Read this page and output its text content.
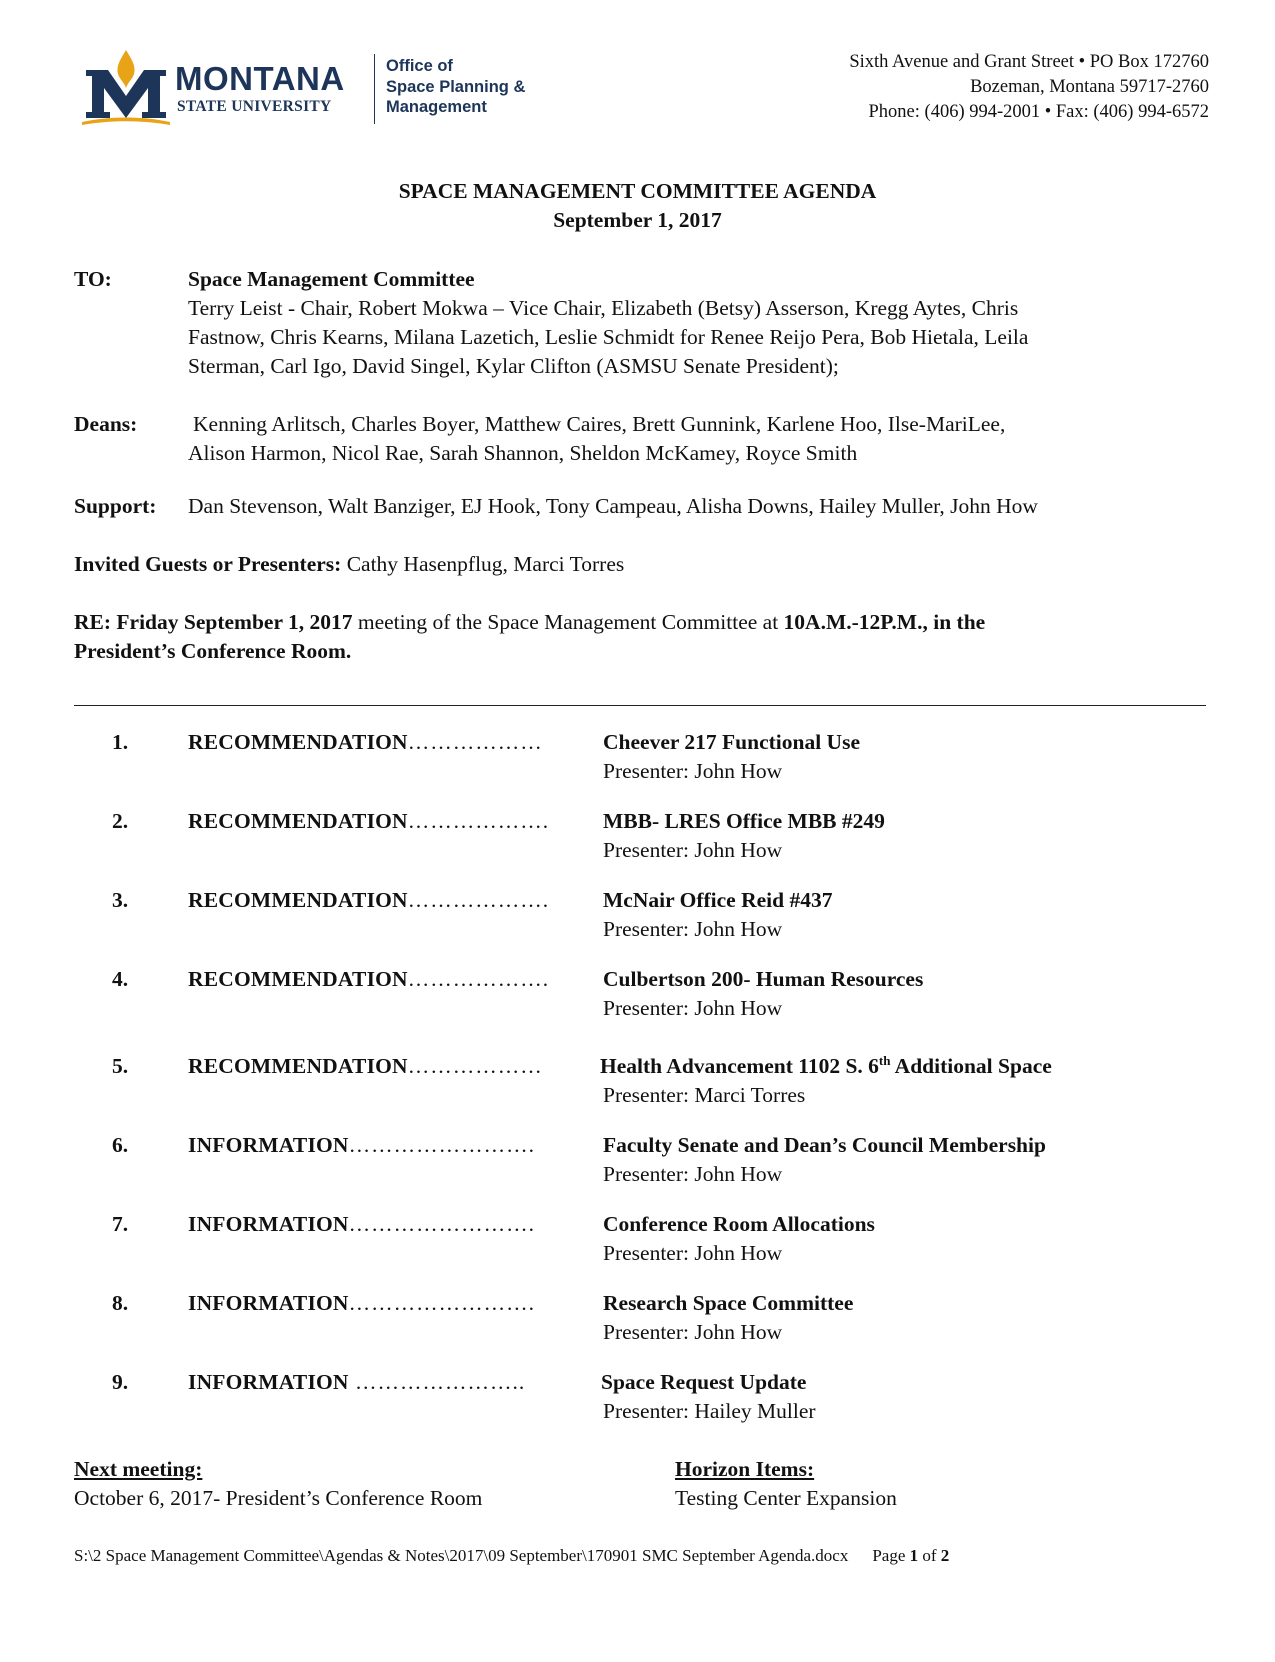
MONTANA
STATE UNIVERSITY
Office of
Space Planning &
Management
Sixth Avenue and Grant Street • PO Box 172760
Bozeman, Montana 59717-2760
Phone: (406) 994-2001 • Fax: (406) 994-6572
SPACE MANAGEMENT COMMITTEE AGENDA
September 1, 2017
TO:	Space Management Committee
Terry Leist - Chair, Robert Mokwa – Vice Chair, Elizabeth (Betsy) Asserson, Kregg Aytes, Chris
Fastnow, Chris Kearns, Milana Lazetich, Leslie Schmidt for Renee Reijo Pera, Bob Hietala, Leila
Sterman, Carl Igo, David Singel, Kylar Clifton (ASMSU Senate President);
Deans:	Kenning Arlitsch, Charles Boyer, Matthew Caires, Brett Gunnink, Karlene Hoo, Ilse-MariLee,
Alison Harmon, Nicol Rae, Sarah Shannon, Sheldon McKamey, Royce Smith
Support: Dan Stevenson, Walt Banziger, EJ Hook, Tony Campeau, Alisha Downs, Hailey Muller, John How
Invited Guests or Presenters: Cathy Hasenpflug, Marci Torres
RE: Friday September 1, 2017 meeting of the Space Management Committee at 10A.M.-12P.M., in the
President’s Conference Room.
1.	RECOMMENDATION………………	Cheever 217 Functional Use
Presenter: John How
2.	RECOMMENDATION……………….	MBB- LRES Office MBB #249
Presenter: John How
3.	RECOMMENDATION……………….	McNair Office Reid #437
Presenter: John How
4.	RECOMMENDATION……………….	Culbertson 200- Human Resources
Presenter: John How
5.	RECOMMENDATION………………	Health Advancement 1102 S. 6th Additional Space
Presenter: Marci Torres
6.	INFORMATION…………………….	Faculty Senate and Dean’s Council Membership
Presenter: John How
7.	INFORMATION…………………….	Conference Room Allocations
Presenter: John How
8.	INFORMATION…………………….	Research Space Committee
Presenter: John How
9.	INFORMATION …………………..	Space Request Update
Presenter: Hailey Muller
Next meeting:
October 6, 2017- President’s Conference Room
Horizon Items:
Testing Center Expansion
S:\2 Space Management Committee\Agendas & Notes\2017\09 September\170901 SMC September Agenda.docx Page 1 of 2
